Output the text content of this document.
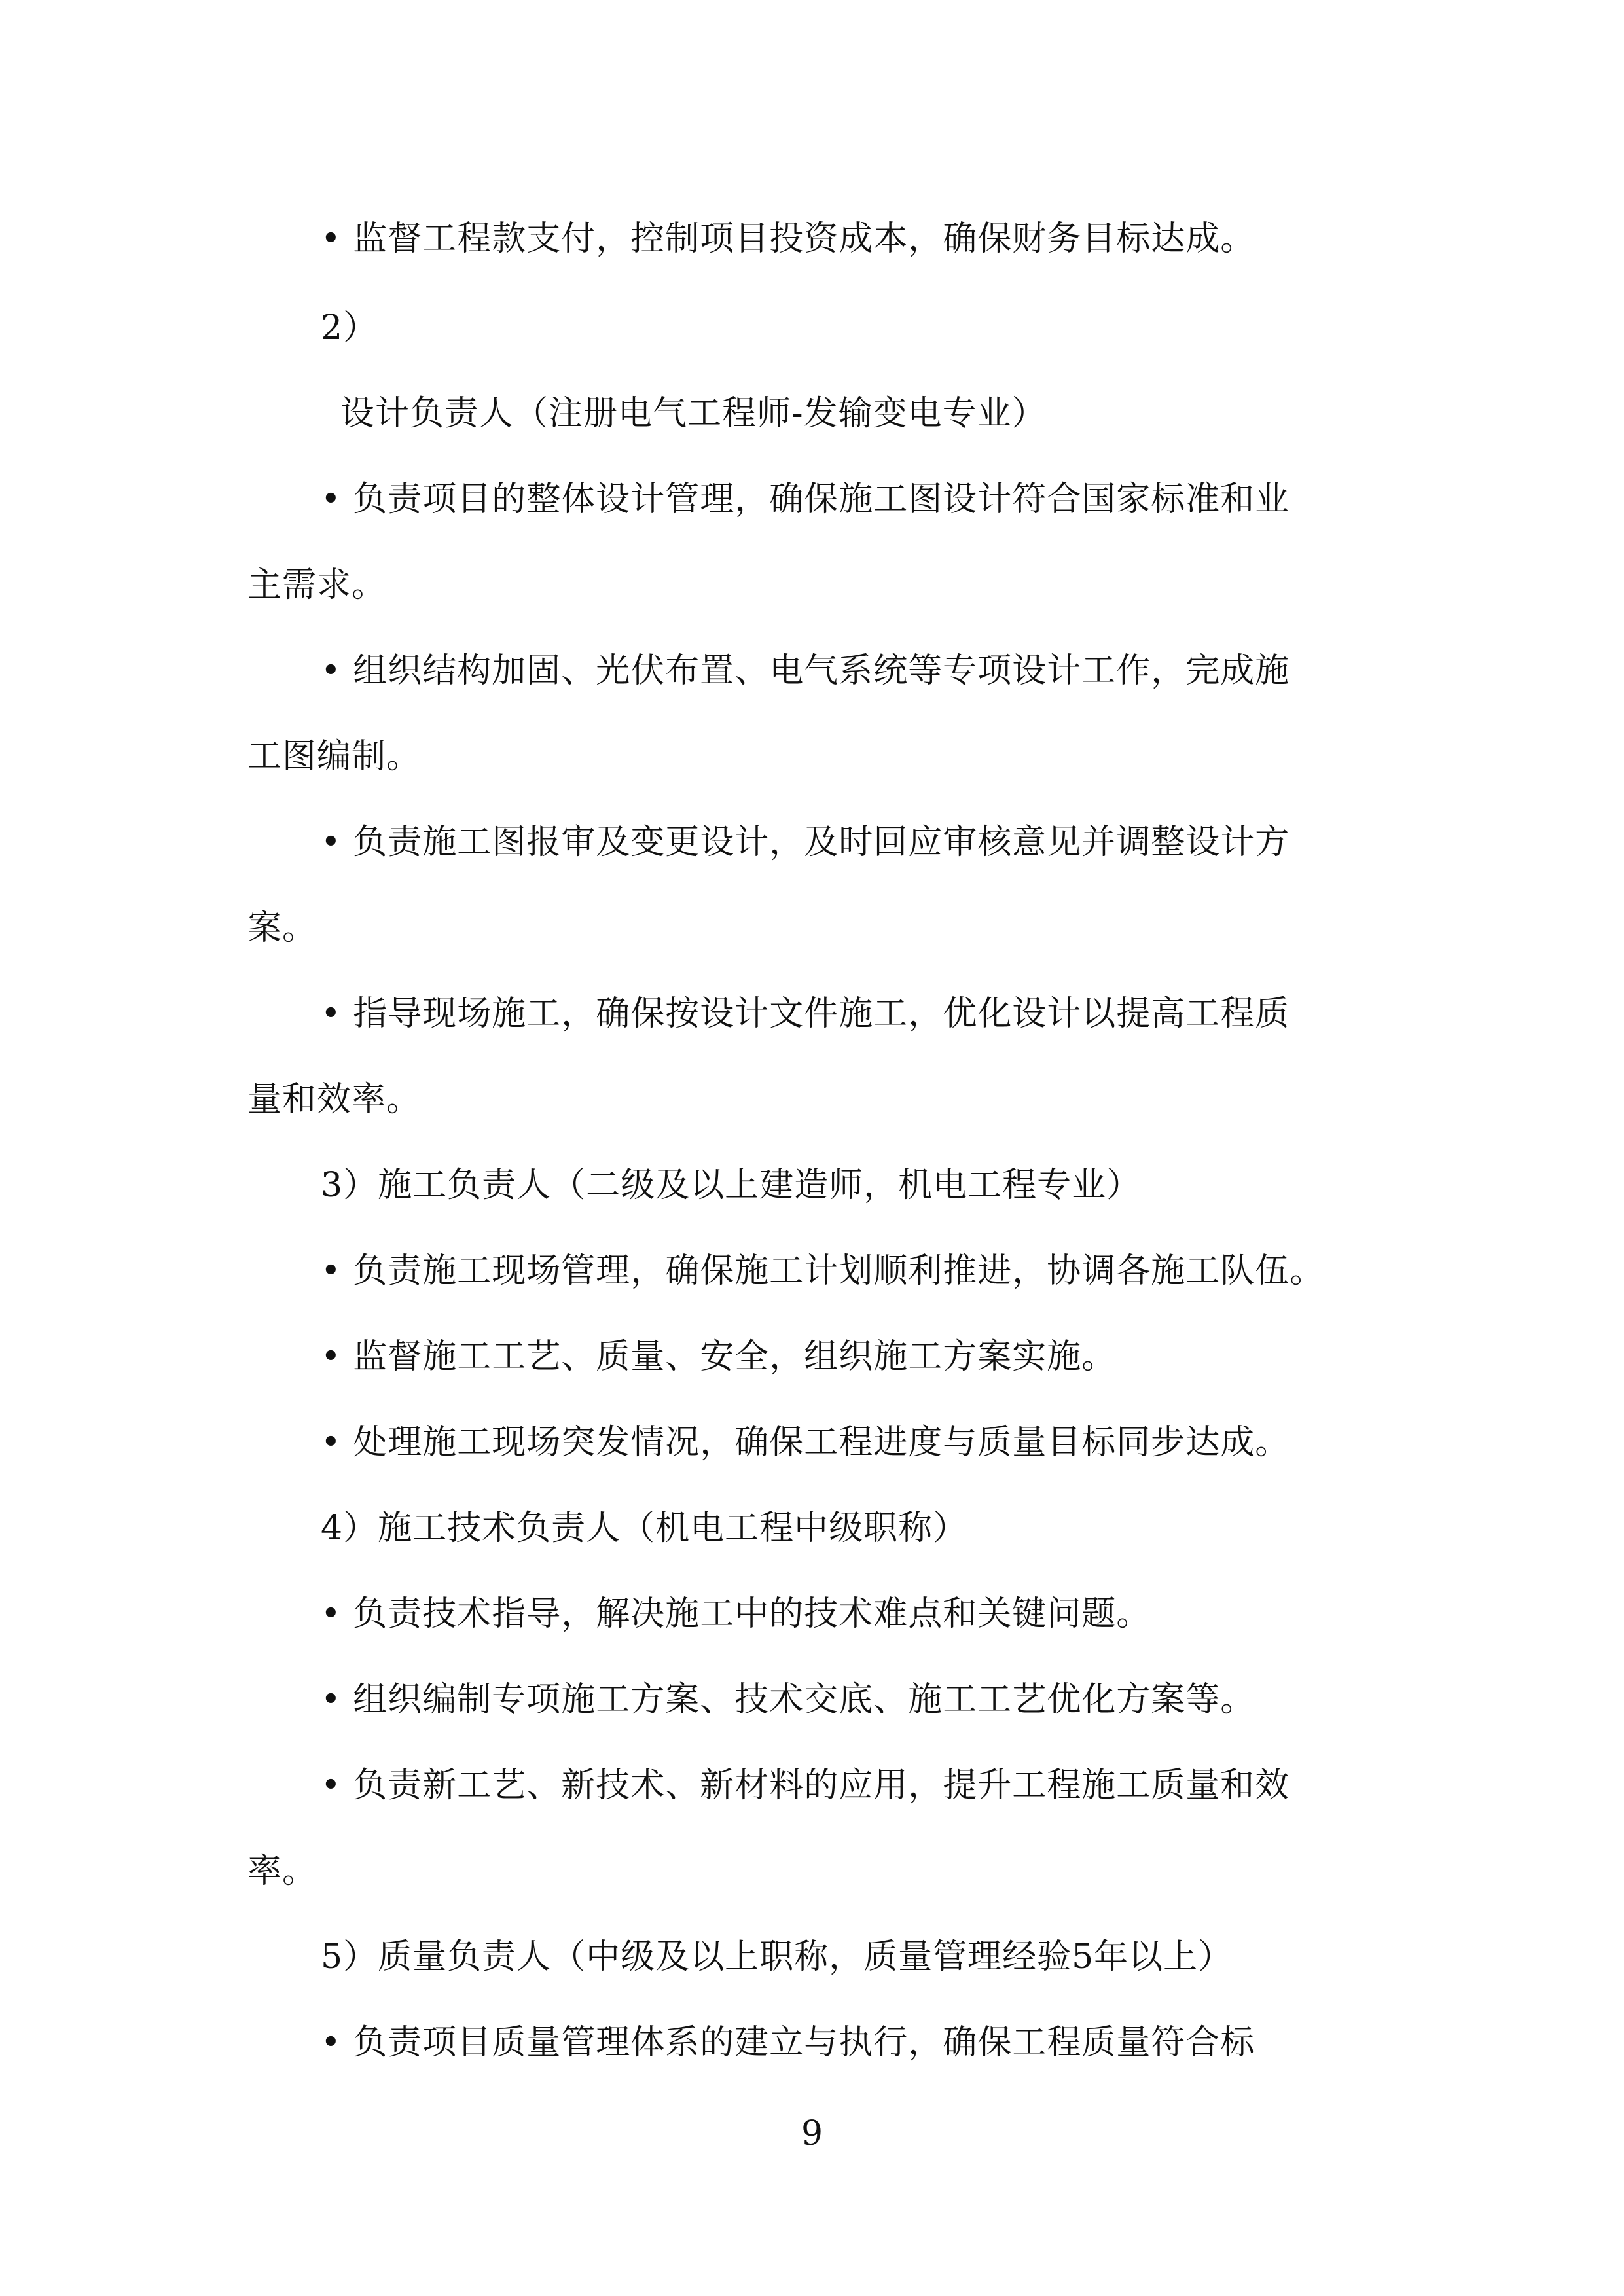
• 监督工程款支付，控制项目投资成本，确保财务目标达成。
2）
设计负责人（注册电气工程师-发输变电专业）
• 负责项目的整体设计管理，确保施工图设计符合国家标准和业
主需求。
• 组织结构加固、光伏布置、电气系统等专项设计工作，完成施
工图编制。
• 负责施工图报审及变更设计，及时回应审核意见并调整设计方
案。
• 指导现场施工，确保按设计文件施工，优化设计以提高工程质
量和效率。
3）施工负责人（二级及以上建造师，机电工程专业）
• 负责施工现场管理，确保施工计划顺利推进，协调各施工队伍。
• 监督施工工艺、质量、安全，组织施工方案实施。
• 处理施工现场突发情况，确保工程进度与质量目标同步达成。
4）施工技术负责人（机电工程中级职称）
• 负责技术指导，解决施工中的技术难点和关键问题。
• 组织编制专项施工方案、技术交底、施工工艺优化方案等。
• 负责新工艺、新技术、新材料的应用，提升工程施工质量和效
率。
5）质量负责人（中级及以上职称，质量管理经验5年以上）
• 负责项目质量管理体系的建立与执行，确保工程质量符合标
9
